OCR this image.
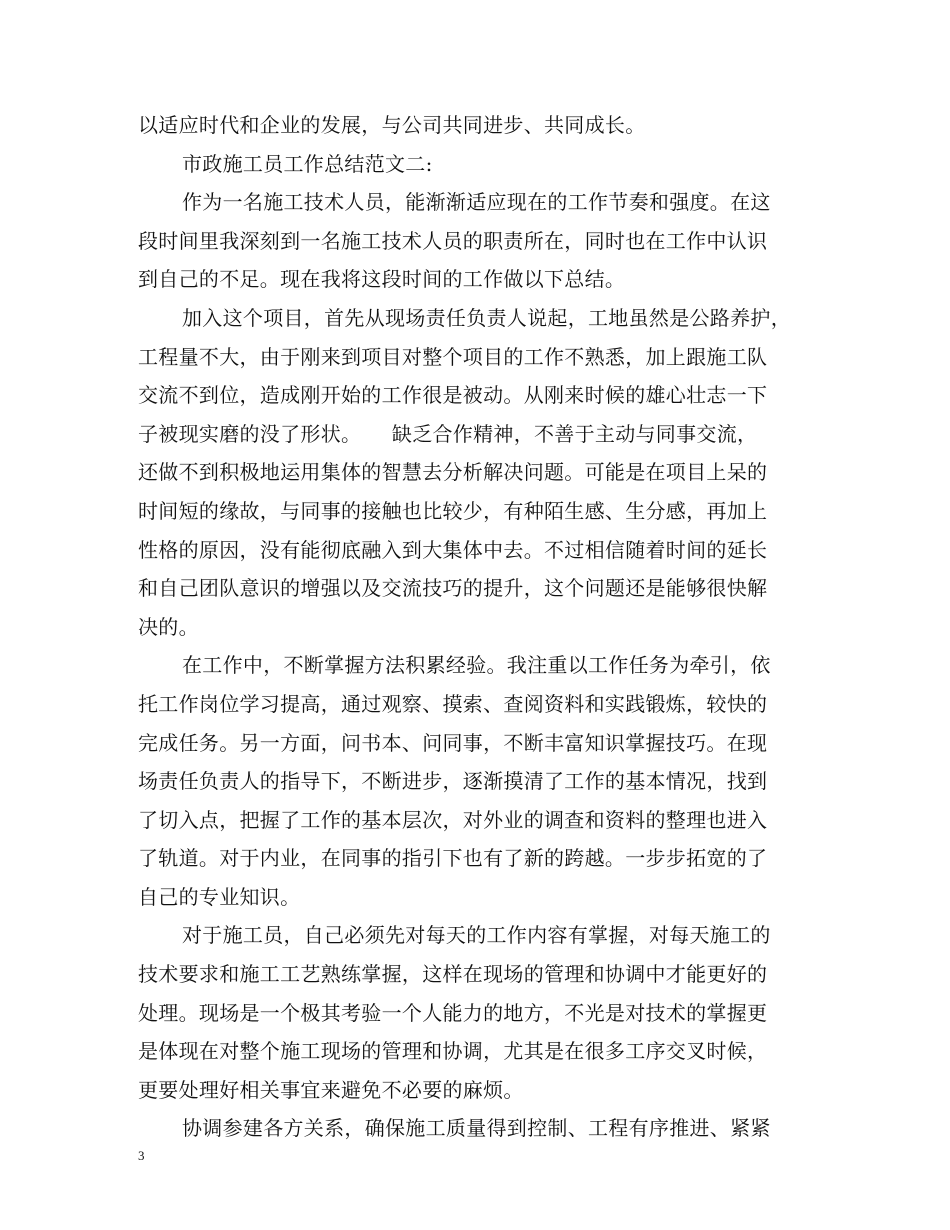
以适应时代和企业的发展，与公司共同进步、共同成长。
市政施工员工作总结范文二:
作为一名施工技术人员，能渐渐适应现在的工作节奏和强度。在这
段时间里我深刻到一名施工技术人员的职责所在，同时也在工作中认识
到自己的不足。现在我将这段时间的工作做以下总结。
加入这个项目，首先从现场责任负责人说起，工地虽然是公路养护，
工程量不大，由于刚来到项目对整个项目的工作不熟悉，加上跟施工队
交流不到位，造成刚开始的工作很是被动。从刚来时候的雄心壮志一下
子被现实磨的没了形状。　　缺乏合作精神，不善于主动与同事交流，
还做不到积极地运用集体的智慧去分析解决问题。可能是在项目上呆的
时间短的缘故，与同事的接触也比较少，有种陌生感、生分感，再加上
性格的原因，没有能彻底融入到大集体中去。不过相信随着时间的延长
和自己团队意识的增强以及交流技巧的提升，这个问题还是能够很快解
决的。
在工作中，不断掌握方法积累经验。我注重以工作任务为牵引，依
托工作岗位学习提高，通过观察、摸索、查阅资料和实践锻炼，较快的
完成任务。另一方面，问书本、问同事，不断丰富知识掌握技巧。在现
场责任负责人的指导下，不断进步，逐渐摸清了工作的基本情况，找到
了切入点，把握了工作的基本层次，对外业的调查和资料的整理也进入
了轨道。对于内业，在同事的指引下也有了新的跨越。一步步拓宽的了
自己的专业知识。
对于施工员，自己必须先对每天的工作内容有掌握，对每天施工的
技术要求和施工工艺熟练掌握，这样在现场的管理和协调中才能更好的
处理。现场是一个极其考验一个人能力的地方，不光是对技术的掌握更
是体现在对整个施工现场的管理和协调，尤其是在很多工序交叉时候，
更要处理好相关事宜来避免不必要的麻烦。
协调参建各方关系，确保施工质量得到控制、工程有序推进、紧紧
3
